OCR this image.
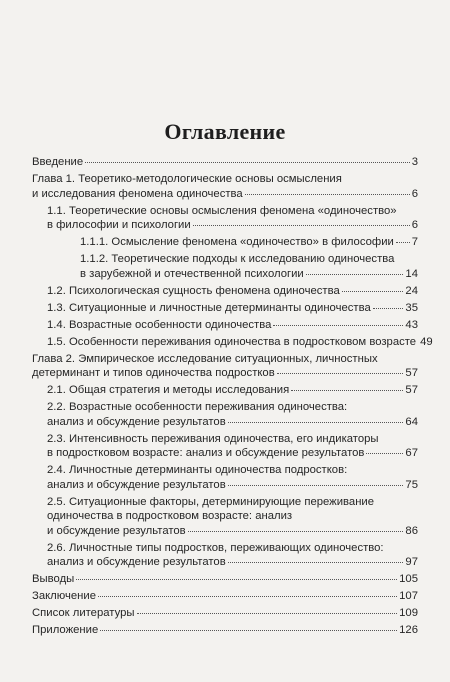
Оглавление
Введение	3
Глава 1. Теоретико-методологические основы осмысления
и исследования феномена одиночества	6
1.1. Теоретические основы осмысления феномена «одиночество»
в философии и психологии	6
1.1.1. Осмысление феномена «одиночество» в философии 7
1.1.2. Теоретические подходы к исследованию одиночества
в зарубежной и отечественной психологии	14
1.2. Психологическая сущность феномена одиночества	24
1.3. Ситуационные и личностные детерминанты одиночества	35
1.4. Возрастные особенности одиночества	43
1.5. Особенности переживания одиночества в подростковом возрасте 49
Глава 2. Эмпирическое исследование ситуационных, личностных
детерминант и типов одиночества подростков	57
2.1. Общая стратегия и методы исследования	57
2.2. Возрастные особенности переживания одиночества:
анализ и обсуждение результатов	64
2.3. Интенсивность переживания одиночества, его индикаторы
в подростковом возрасте: анализ и обсуждение результатов	67
2.4. Личностные детерминанты одиночества подростков:
анализ и обсуждение результатов	75
2.5. Ситуационные факторы, детерминирующие переживание
одиночества в подростковом возрасте: анализ
и обсуждение результатов	86
2.6. Личностные типы подростков, переживающих одиночество:
анализ и обсуждение результатов	97
Выводы	105
Заключение	107
Список литературы	109
Приложение	126
